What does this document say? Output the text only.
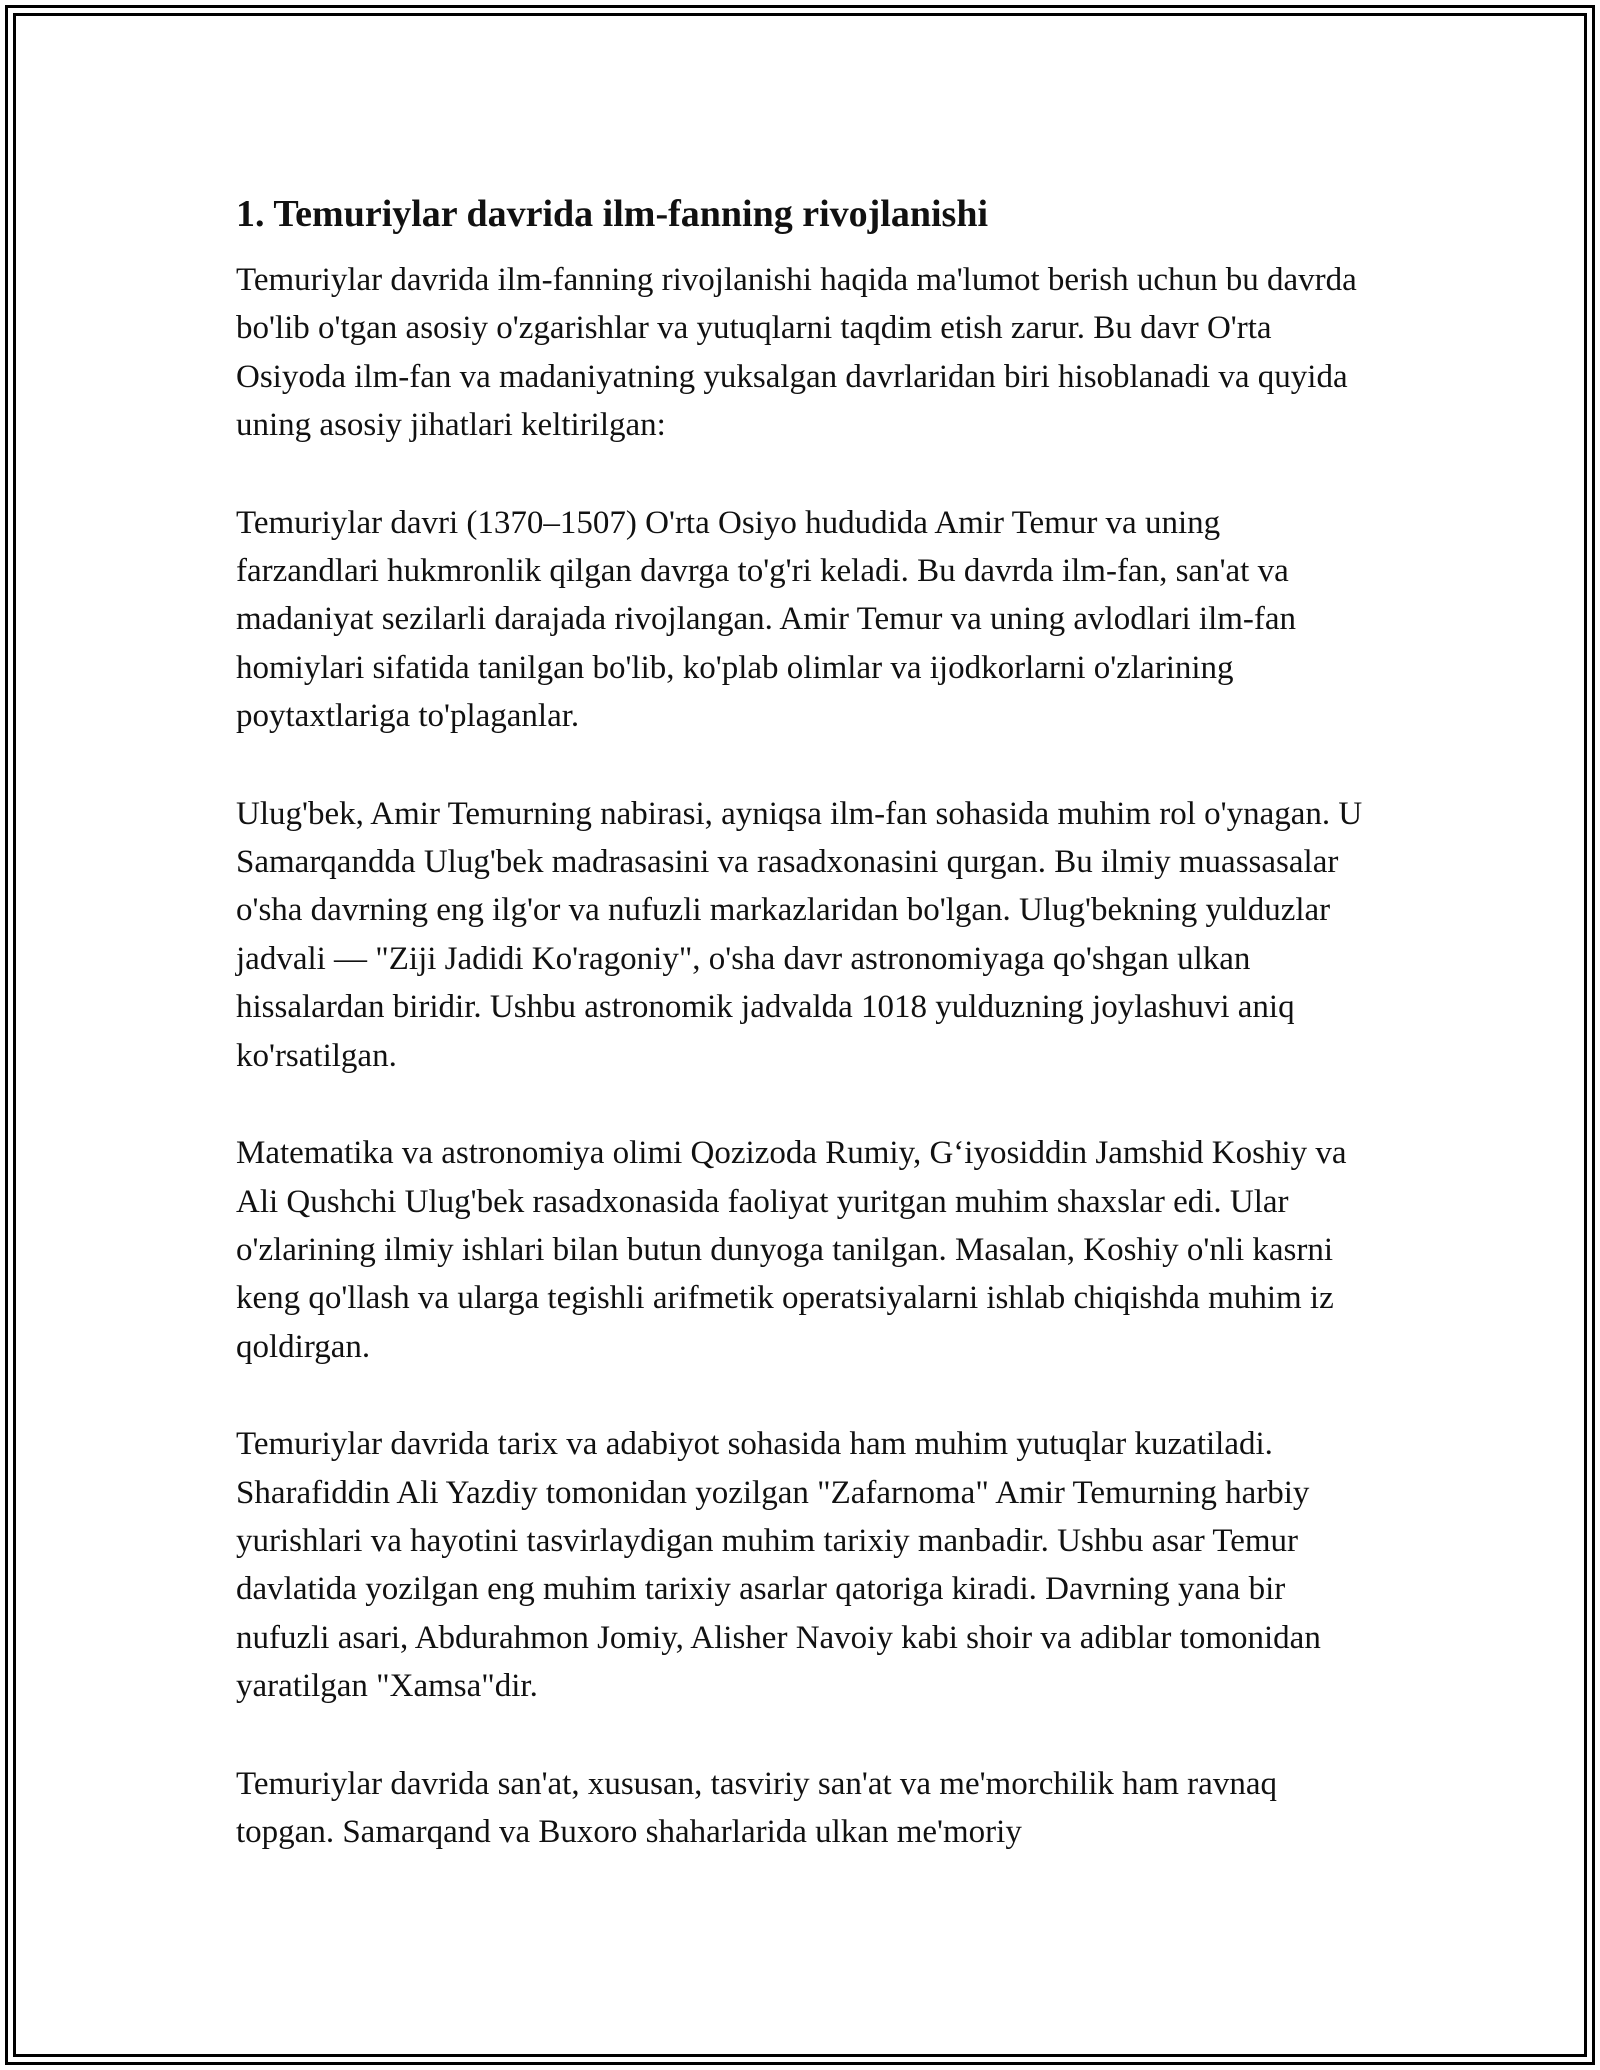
1. Temuriylar davrida ilm-fanning rivojlanishi

Temuriylar davrida ilm-fanning rivojlanishi haqida ma'lumot berish uchun bu davrda bo'lib o'tgan asosiy o'zgarishlar va yutuqlarni taqdim etish zarur. Bu davr O'rta Osiyoda ilm-fan va madaniyatning yuksalgan davrlaridan biri hisoblanadi va quyida uning asosiy jihatlari keltirilgan:

Temuriylar davri (1370–1507) O'rta Osiyo hududida Amir Temur va uning farzandlari hukmronlik qilgan davrga to'g'ri keladi. Bu davrda ilm-fan, san'at va madaniyat sezilarli darajada rivojlangan. Amir Temur va uning avlodlari ilm-fan homiylari sifatida tanilgan bo'lib, ko'plab olimlar va ijodkorlarni o'zlarining poytaxtlariga to'plaganlar.

Ulug'bek, Amir Temurning nabirasi, ayniqsa ilm-fan sohasida muhim rol o'ynagan. U Samarqandda Ulug'bek madrasasini va rasadxonasini qurgan. Bu ilmiy muassasalar o'sha davrning eng ilg'or va nufuzli markazlaridan bo'lgan. Ulug'bekning yulduzlar jadvali — "Ziji Jadidi Ko'ragoniy", o'sha davr astronomiyaga qo'shgan ulkan hissalardan biridir. Ushbu astronomik jadvalda 1018 yulduzning joylashuvi aniq ko'rsatilgan.

Matematika va astronomiya olimi Qozizoda Rumiy, G‘iyosiddin Jamshid Koshiy va Ali Qushchi Ulug'bek rasadxonasida faoliyat yuritgan muhim shaxslar edi. Ular o'zlarining ilmiy ishlari bilan butun dunyoga tanilgan. Masalan, Koshiy o'nli kasrni keng qo'llash va ularga tegishli arifmetik operatsiyalarni ishlab chiqishda muhim iz qoldirgan.

Temuriylar davrida tarix va adabiyot sohasida ham muhim yutuqlar kuzatiladi. Sharafiddin Ali Yazdiy tomonidan yozilgan "Zafarnoma" Amir Temurning harbiy yurishlari va hayotini tasvirlaydigan muhim tarixiy manbadir. Ushbu asar Temur davlatida yozilgan eng muhim tarixiy asarlar qatoriga kiradi. Davrning yana bir nufuzli asari, Abdurahmon Jomiy, Alisher Navoiy kabi shoir va adiblar tomonidan yaratilgan "Xamsa"dir.

Temuriylar davrida san'at, xususan, tasviriy san'at va me'morchilik ham ravnaq topgan. Samarqand va Buxoro shaharlarida ulkan me'moriy
